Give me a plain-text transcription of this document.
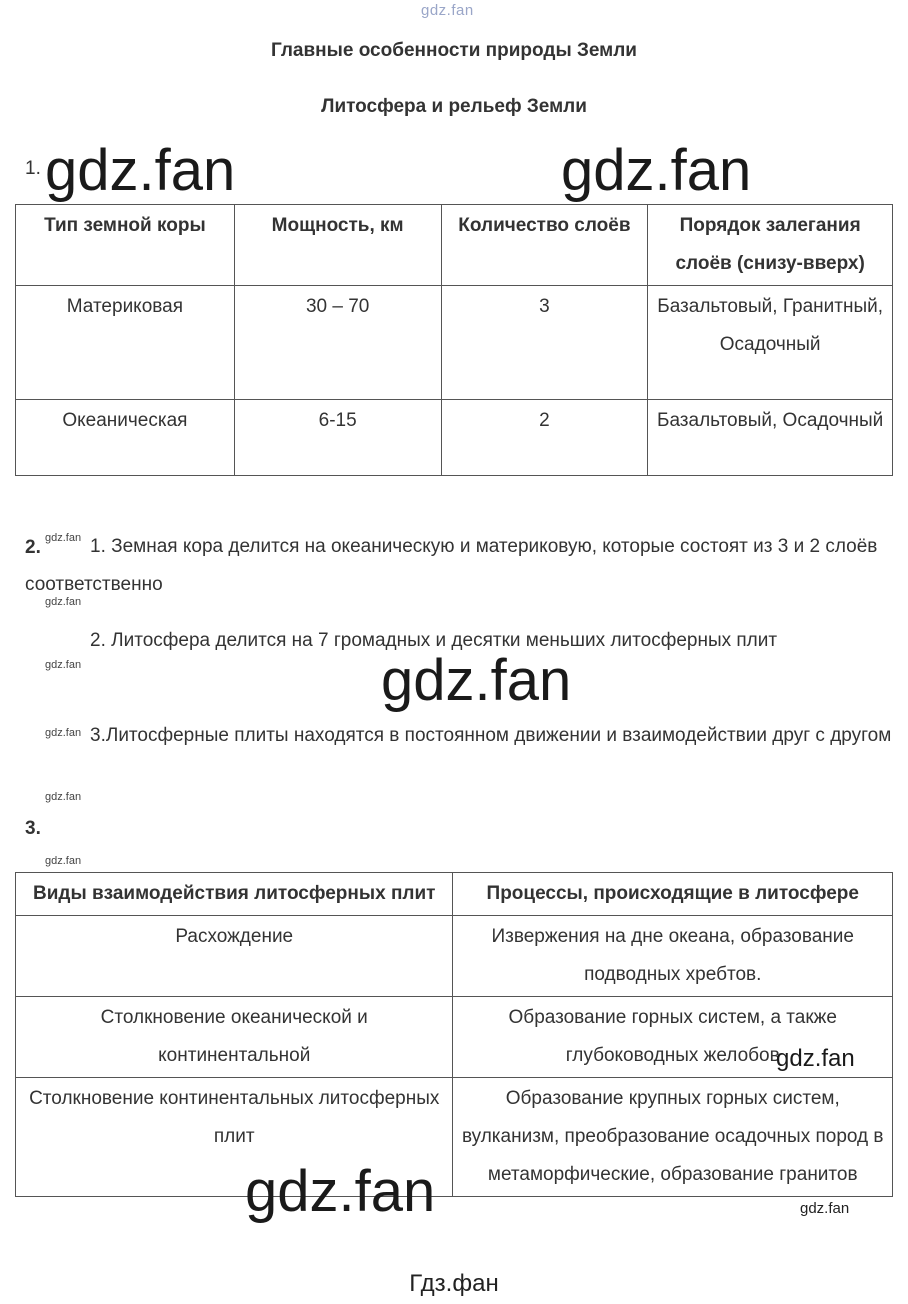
gdz.fan
Главные особенности природы Земли
Литосфера и рельеф Земли
1. gdz.fan	gdz.fan
Тип земной коры	Мощность, км	Количество слоёв	Порядок залегания слоёв (снизу-вверх)
Материковая	30 – 70	3	Базальтовый, Гранитный, Осадочный
Океаническая	6-15	2	Базальтовый, Осадочный
2. gdz.fan 1. Земная кора делится на океаническую и материковую, которые состоят из 3 и 2 слоёв соответственно
gdz.fan
2. Литосфера делится на 7 громадных и десятки меньших литосферных плит
gdz.fan	gdz.fan
gdz.fan 3.Литосферные плиты находятся в постоянном движении и взаимодействии друг с другом
gdz.fan
3.
gdz.fan
Виды взаимодействия литосферных плит	Процессы, происходящие в литосфере
Расхождение	Извержения на дне океана, образование подводных хребтов.
Столкновение океанической и континентальной	Образование горных систем, а также глубоководных желобов
Столкновение континентальных литосферных плит	Образование крупных горных систем, вулканизм, преобразование осадочных пород в метаморфические, образование гранитов
gdz.fan
gdz.fan	gdz.fan
Гдз.фан
